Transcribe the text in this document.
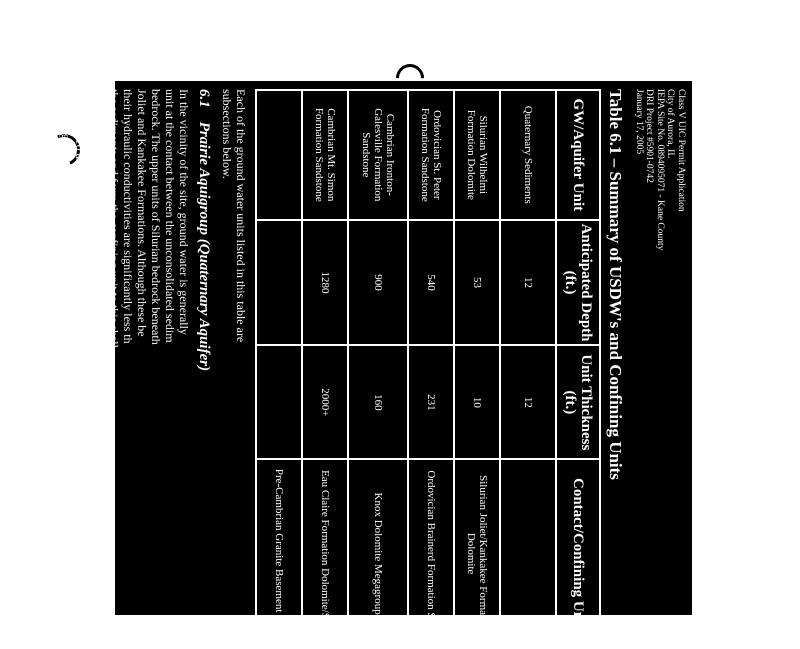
Class V UIC Permit Application

City of Aurora, IL

IEPA Site No. 0894095071 - Kane County

DRI Project #5901-0742

January 17, 2005

Table 6.1 – Summary of USDW's and Confining Units
GW/Aquifer Unit	Anticipated Depth (ft.)	Unit Thickness (ft.)	Contact/Confining Unit
Quaternary Sediments	12	12	
Silurian Wilhelmi Formation Dolomite	53	10	Silurian Joliet/Kankakee Formation Dolomite
Ordovician St. Peter Formation Sandstone	540	231	Ordovician Brainerd Formation Shale
Cambrian Ironton-Galesville Formation Sandstone	900	160	Knox Dolomite Megagroup
Cambrian Mt. Simon Formation Sandstone	1280	2000+	Eau Claire Formation Dolomite/Shale
			Pre-Cambrian Granite Basement Rock

Each of the ground water units listed in this table are

subsections below.

6.1Prairie Aquigroup (Quaternary Aquifer)

In the vicinity of the site, ground water is generally

unit at the contact between the unconsolidated sedim

bedrock. The upper units of Silurian bedrock beneath

Joliet and Kankakee Formations. Although these be

their hydraulic conductivities are significantly less th

the sediments and form the confining unit to this shall

The ground water within the AOR is typically Class I

Sections 210 and 220 and is not generally used for

According to the well survey conducted by DRI, there

in this ground water unit within the AOR for the site.

6-2
